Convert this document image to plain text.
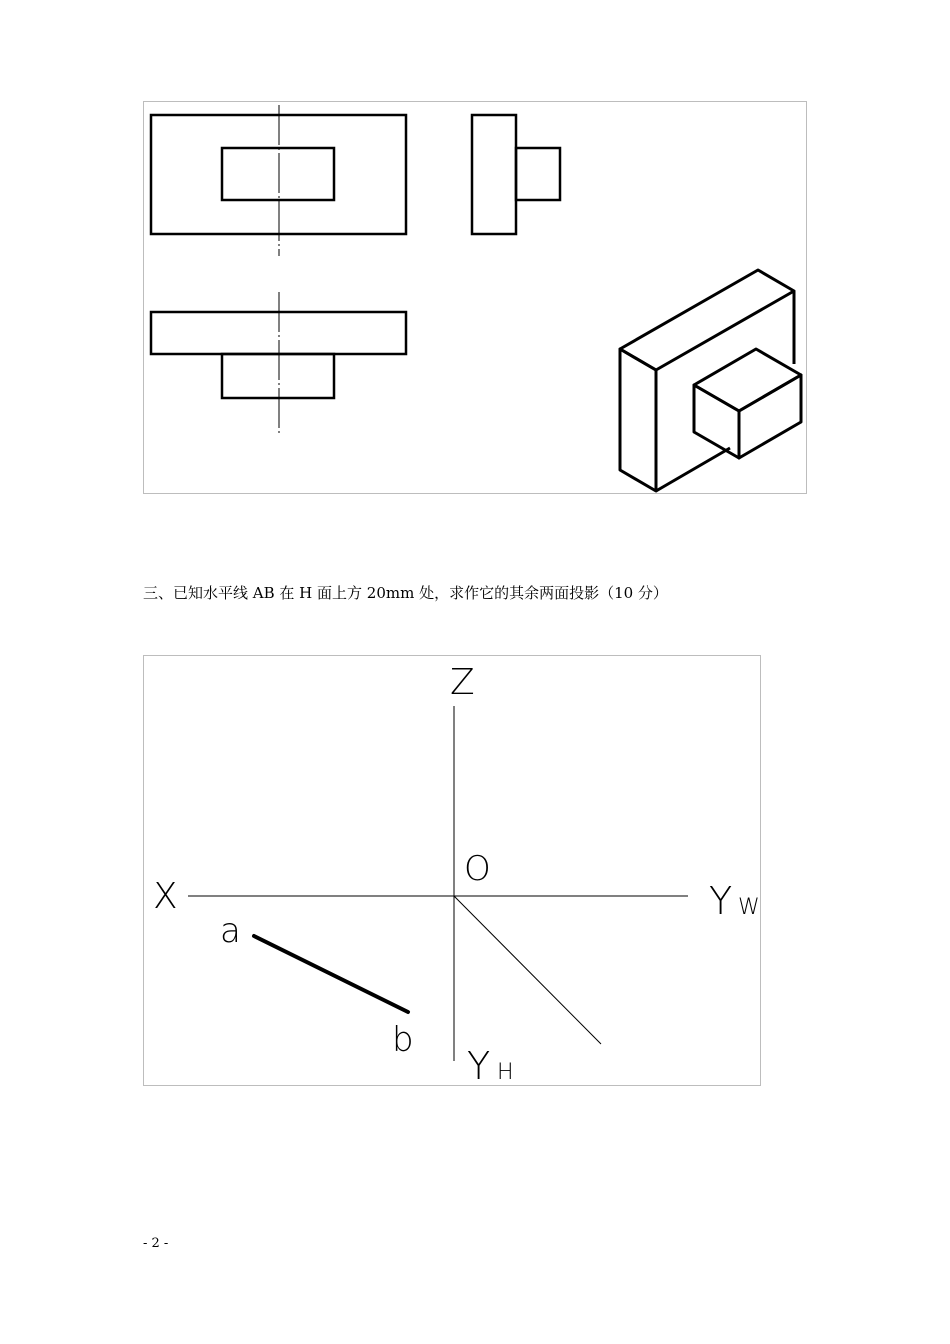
三、已知水平线 AB 在 H 面上方 20mm 处，求作它的其余两面投影（10 分）
Z
O
X	Y W
Y H
a
b
- 2 -
